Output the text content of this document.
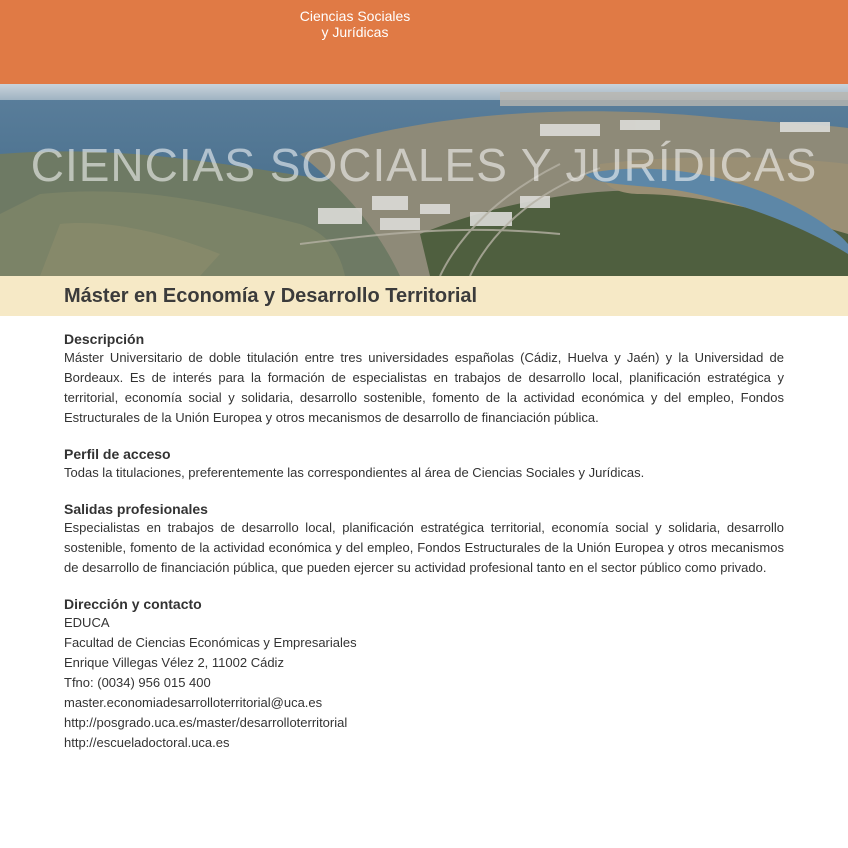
Ciencias Sociales
y Jurídicas

CIENCIAS SOCIALES Y JURÍDICAS

Máster en Economía y Desarrollo Territorial
Descripción

Máster Universitario de doble titulación entre tres universidades españolas (Cádiz, Huelva y Jaén) y la Universidad de Bordeaux. Es de interés para la formación de especialistas en trabajos de desarrollo local, planificación estratégica y territorial, economía social y solidaria, desarrollo sostenible, fomento de la actividad económica y del empleo, Fondos Estructurales de la Unión Europea y otros mecanismos de desarrollo de financiación pública.

Perfil de acceso

Todas la titulaciones, preferentemente las correspondientes al área de Ciencias Sociales y Jurídicas.

Salidas profesionales

Especialistas en trabajos de desarrollo local, planificación estratégica territorial, economía social y solidaria, desarrollo sostenible, fomento de la actividad económica y del empleo, Fondos Estructurales de la Unión Europea y otros mecanismos de desarrollo de financiación pública, que pueden ejercer su actividad profesional tanto en el sector público como privado.

Dirección y contacto
EDUCA
Facultad de Ciencias Económicas y Empresariales
Enrique Villegas Vélez 2, 11002 Cádiz
Tfno: (0034) 956 015 400
master.economiadesarrolloterritorial@uca.es
http://posgrado.uca.es/master/desarrolloterritorial
http://escueladoctoral.uca.es
